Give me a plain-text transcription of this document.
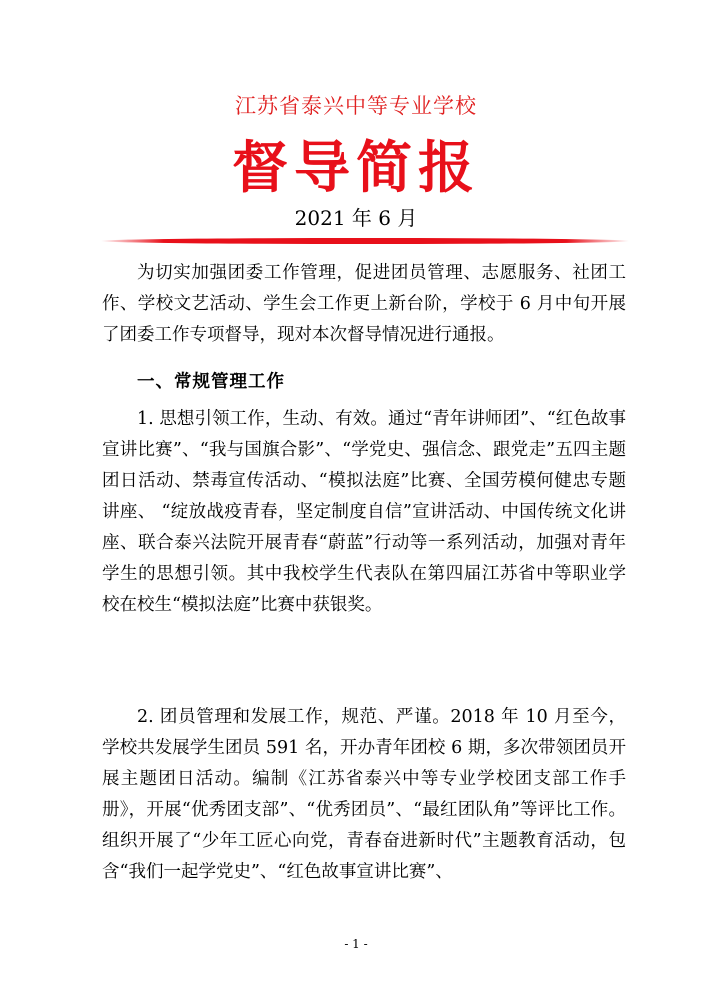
江苏省泰兴中等专业学校
督导简报
2021 年 6 月

为切实加强团委工作管理，促进团员管理、志愿服务、社团工作、学校文艺活动、学生会工作更上新台阶，学校于 6 月中旬开展了团委工作专项督导，现对本次督导情况进行通报。

一、常规管理工作

1. 思想引领工作，生动、有效。通过“青年讲师团”、“红色故事宣讲比赛”、“我与国旗合影”、“学党史、强信念、跟党走”五四主题团日活动、禁毒宣传活动、“模拟法庭”比赛、全国劳模何健忠专题讲座、 “绽放战疫青春，坚定制度自信”宣讲活动、中国传统文化讲座、联合泰兴法院开展青春“蔚蓝”行动等一系列活动，加强对青年学生的思想引领。其中我校学生代表队在第四届江苏省中等职业学校在校生“模拟法庭”比赛中获银奖。

2. 团员管理和发展工作，规范、严谨。2018 年 10 月至今，学校共发展学生团员 591 名，开办青年团校 6 期，多次带领团员开展主题团日活动。编制《江苏省泰兴中等专业学校团支部工作手册》，开展“优秀团支部”、“优秀团员”、“最红团队角”等评比工作。组织开展了“少年工匠心向党，青春奋进新时代”主题教育活动，包含“我们一起学党史”、“红色故事宣讲比赛”、

- 1 -
